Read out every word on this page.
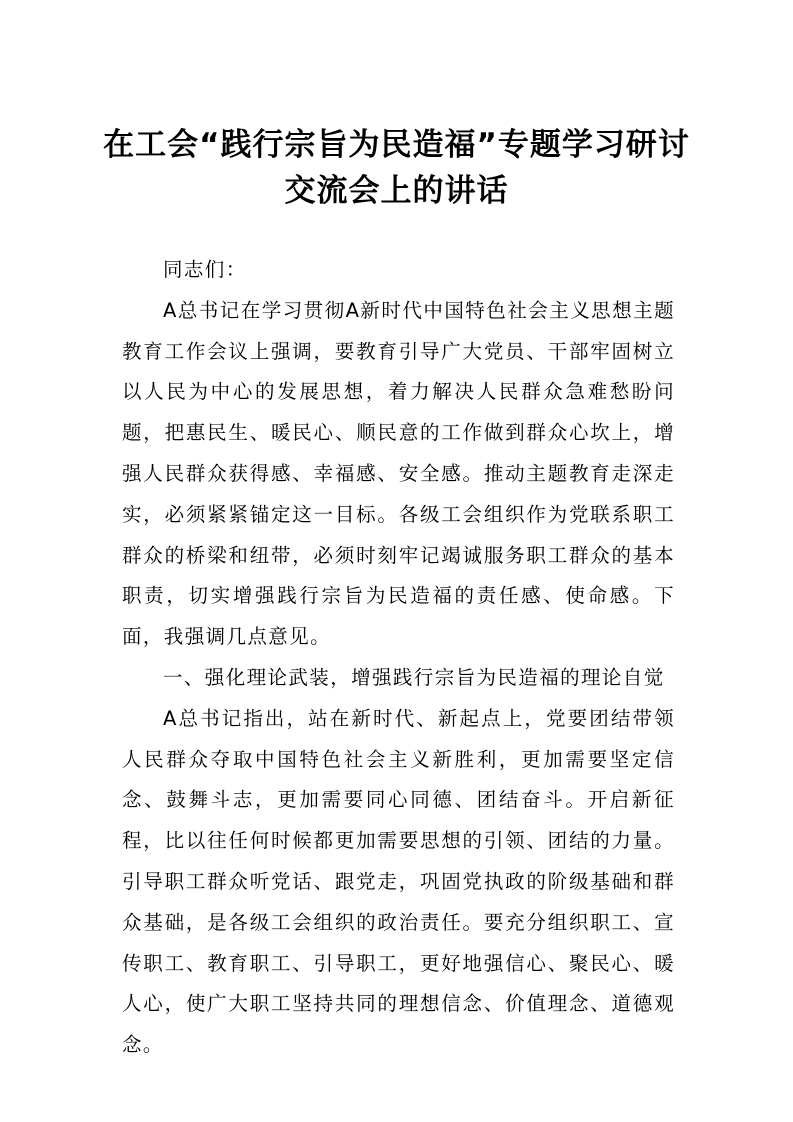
在工会“践行宗旨为民造福”专题学习研讨
交流会上的讲话

同志们：

A总书记在学习贯彻A新时代中国特色社会主义思想主题教育工作会议上强调，要教育引导广大党员、干部牢固树立以人民为中心的发展思想，着力解决人民群众急难愁盼问题，把惠民生、暖民心、顺民意的工作做到群众心坎上，增强人民群众获得感、幸福感、安全感。推动主题教育走深走实，必须紧紧锚定这一目标。各级工会组织作为党联系职工群众的桥梁和纽带，必须时刻牢记竭诚服务职工群众的基本职责，切实增强践行宗旨为民造福的责任感、使命感。下面，我强调几点意见。

一、强化理论武装，增强践行宗旨为民造福的理论自觉

A总书记指出，站在新时代、新起点上，党要团结带领人民群众夺取中国特色社会主义新胜利，更加需要坚定信念、鼓舞斗志，更加需要同心同德、团结奋斗。开启新征程，比以往任何时候都更加需要思想的引领、团结的力量。引导职工群众听党话、跟党走，巩固党执政的阶级基础和群众基础，是各级工会组织的政治责任。要充分组织职工、宣传职工、教育职工、引导职工，更好地强信心、聚民心、暖人心，使广大职工坚持共同的理想信念、价值理念、道德观念。
